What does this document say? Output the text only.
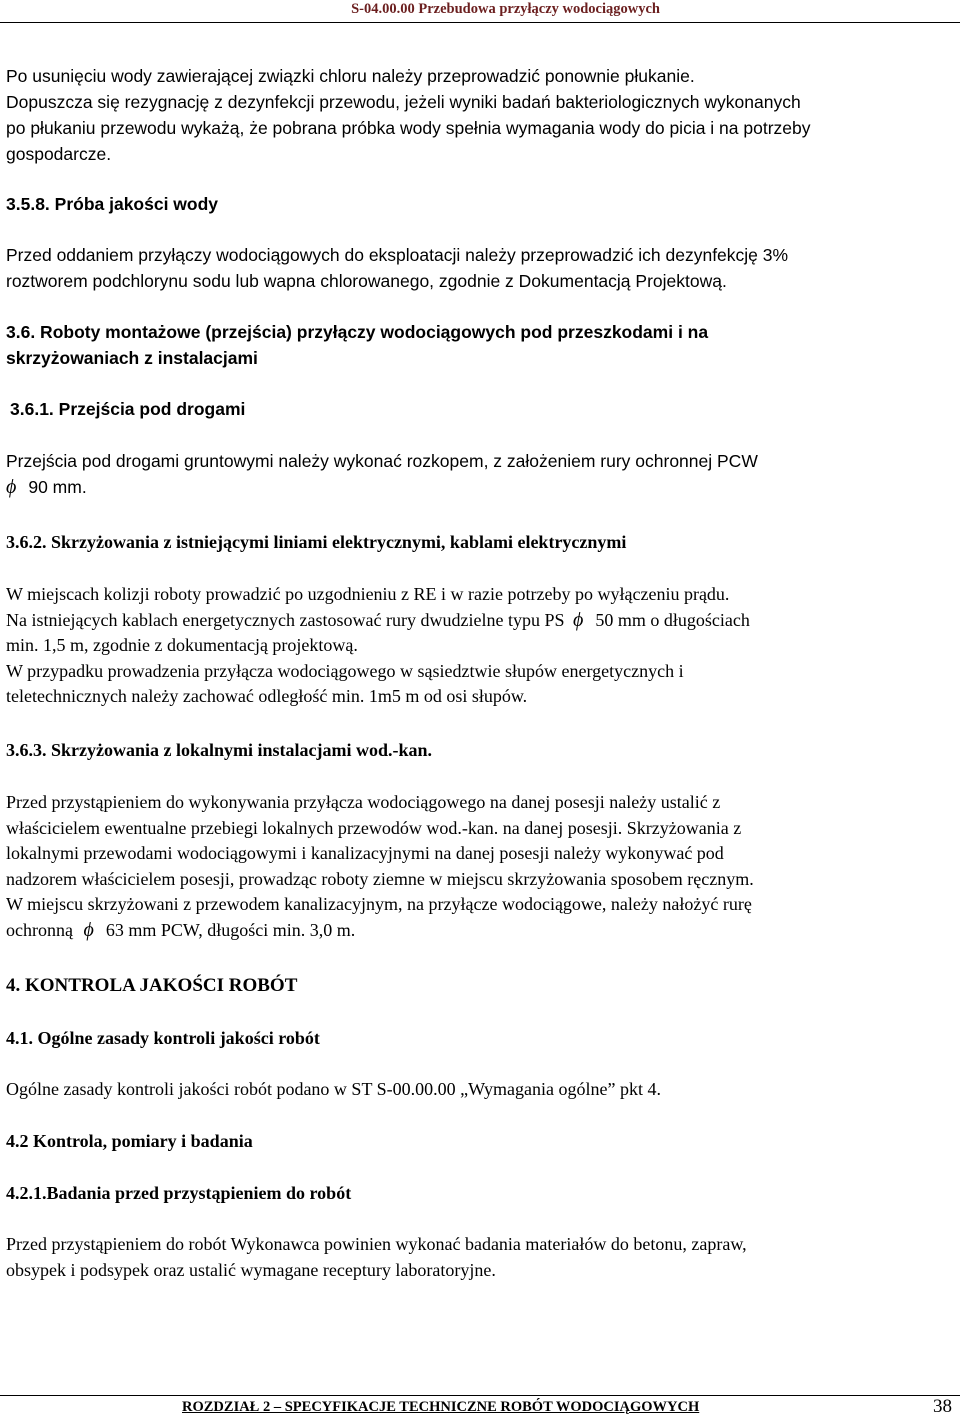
S-04.00.00 Przebudowa przyłączy wodociągowych
Po usunięciu wody zawierającej związki chloru należy przeprowadzić ponownie płukanie.
Dopuszcza się rezygnację z dezynfekcji przewodu, jeżeli wyniki badań bakteriologicznych wykonanych
po płukaniu przewodu wykażą, że pobrana próbka wody spełnia wymagania wody do picia i na potrzeby
gospodarcze.
3.5.8. Próba jakości wody
Przed oddaniem przyłączy wodociągowych do eksploatacji należy przeprowadzić ich dezynfekcję 3%
roztworem podchlorynu sodu lub wapna chlorowanego, zgodnie z Dokumentacją Projektową.
3.6. Roboty montażowe (przejścia) przyłączy wodociągowych pod przeszkodami i na
skrzyżowaniach z instalacjami
3.6.1. Przejścia pod drogami
Przejścia pod drogami gruntowymi należy wykonać rozkopem, z założeniem rury ochronnej PCW
ϕ 90 mm.
3.6.2. Skrzyżowania z istniejącymi liniami elektrycznymi, kablami elektrycznymi
W miejscach kolizji roboty prowadzić po uzgodnieniu z RE i w razie potrzeby po wyłączeniu prądu.
Na istniejących kablach energetycznych zastosować rury dwudzielne typu PS ϕ 50 mm o długościach
min. 1,5 m, zgodnie z dokumentacją projektową.
W przypadku prowadzenia przyłącza wodociągowego w sąsiedztwie słupów energetycznych i
teletechnicznych należy zachować odległość min. 1m5 m od osi słupów.
3.6.3. Skrzyżowania z lokalnymi instalacjami wod.-kan.
Przed przystąpieniem do wykonywania przyłącza wodociągowego na danej posesji należy ustalić z
właścicielem ewentualne przebiegi lokalnych przewodów wod.-kan. na danej posesji. Skrzyżowania z
lokalnymi przewodami wodociągowymi i kanalizacyjnymi na danej posesji należy wykonywać pod
nadzorem właścicielem posesji, prowadząc roboty ziemne w miejscu skrzyżowania sposobem ręcznym.
W miejscu skrzyżowani z przewodem kanalizacyjnym, na przyłącze wodociągowe, należy nałożyć rurę
ochronną ϕ 63 mm PCW, długości min. 3,0 m.
4. KONTROLA JAKOŚCI ROBÓT
4.1. Ogólne zasady kontroli jakości robót
Ogólne zasady kontroli jakości robót podano w ST S-00.00.00 „Wymagania ogólne” pkt 4.
4.2 Kontrola, pomiary i badania
4.2.1.Badania przed przystąpieniem do robót
Przed przystąpieniem do robót Wykonawca powinien wykonać badania materiałów do betonu, zapraw,
obsypek i podsypek oraz ustalić wymagane receptury laboratoryjne.
ROZDZIAŁ 2 – SPECYFIKACJE TECHNICZNE ROBÓT WODOCIĄGOWYCH	38
